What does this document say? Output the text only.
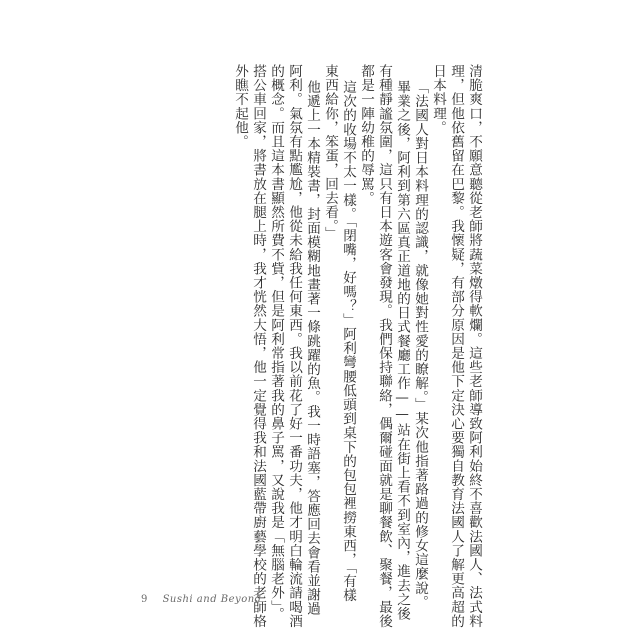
清脆爽口，不願意聽從老師將蔬菜燉得軟爛。這些老師導致阿利始終不喜歡法國人、法式料
理，但他依舊留在巴黎。我懷疑，有部分原因是他下定決心要獨自教育法國人了解更高超的
日本料理。
「法國人對日本料理的認識，就像她對性愛的瞭解。」某次他指著路過的修女這麼說。
畢業之後，阿利到第六區真正道地的日式餐廳工作——站在街上看不到室內，進去之後
有種靜謐氛圍，這只有日本遊客會發現。我們保持聯絡，偶爾碰面就是聊餐飲、聚餐，最後
都是一陣幼稚的辱罵。
這次的收場不太一樣。「閉嘴，好嗎？」阿利彎腰低頭到桌下的包包裡撈東西，「有樣
東西給你，笨蛋，回去看。」
他遞上一本精裝書，封面模糊地畫著一條跳躍的魚。我一時語塞，答應回去會看並謝過
阿利。氣氛有點尷尬，他從未給我任何東西。我以前花了好一番功夫，他才明白輪流請喝酒
的概念。而且這本書顯然所費不貲，但是阿利常指著我的鼻子罵，又說我是「無腦老外」。
搭公車回家，將書放在腿上時，我才恍然大悟，他一定覺得我和法國藍帶廚藝學校的老師格
外瞧不起他。
9 Sushi and Beyond
